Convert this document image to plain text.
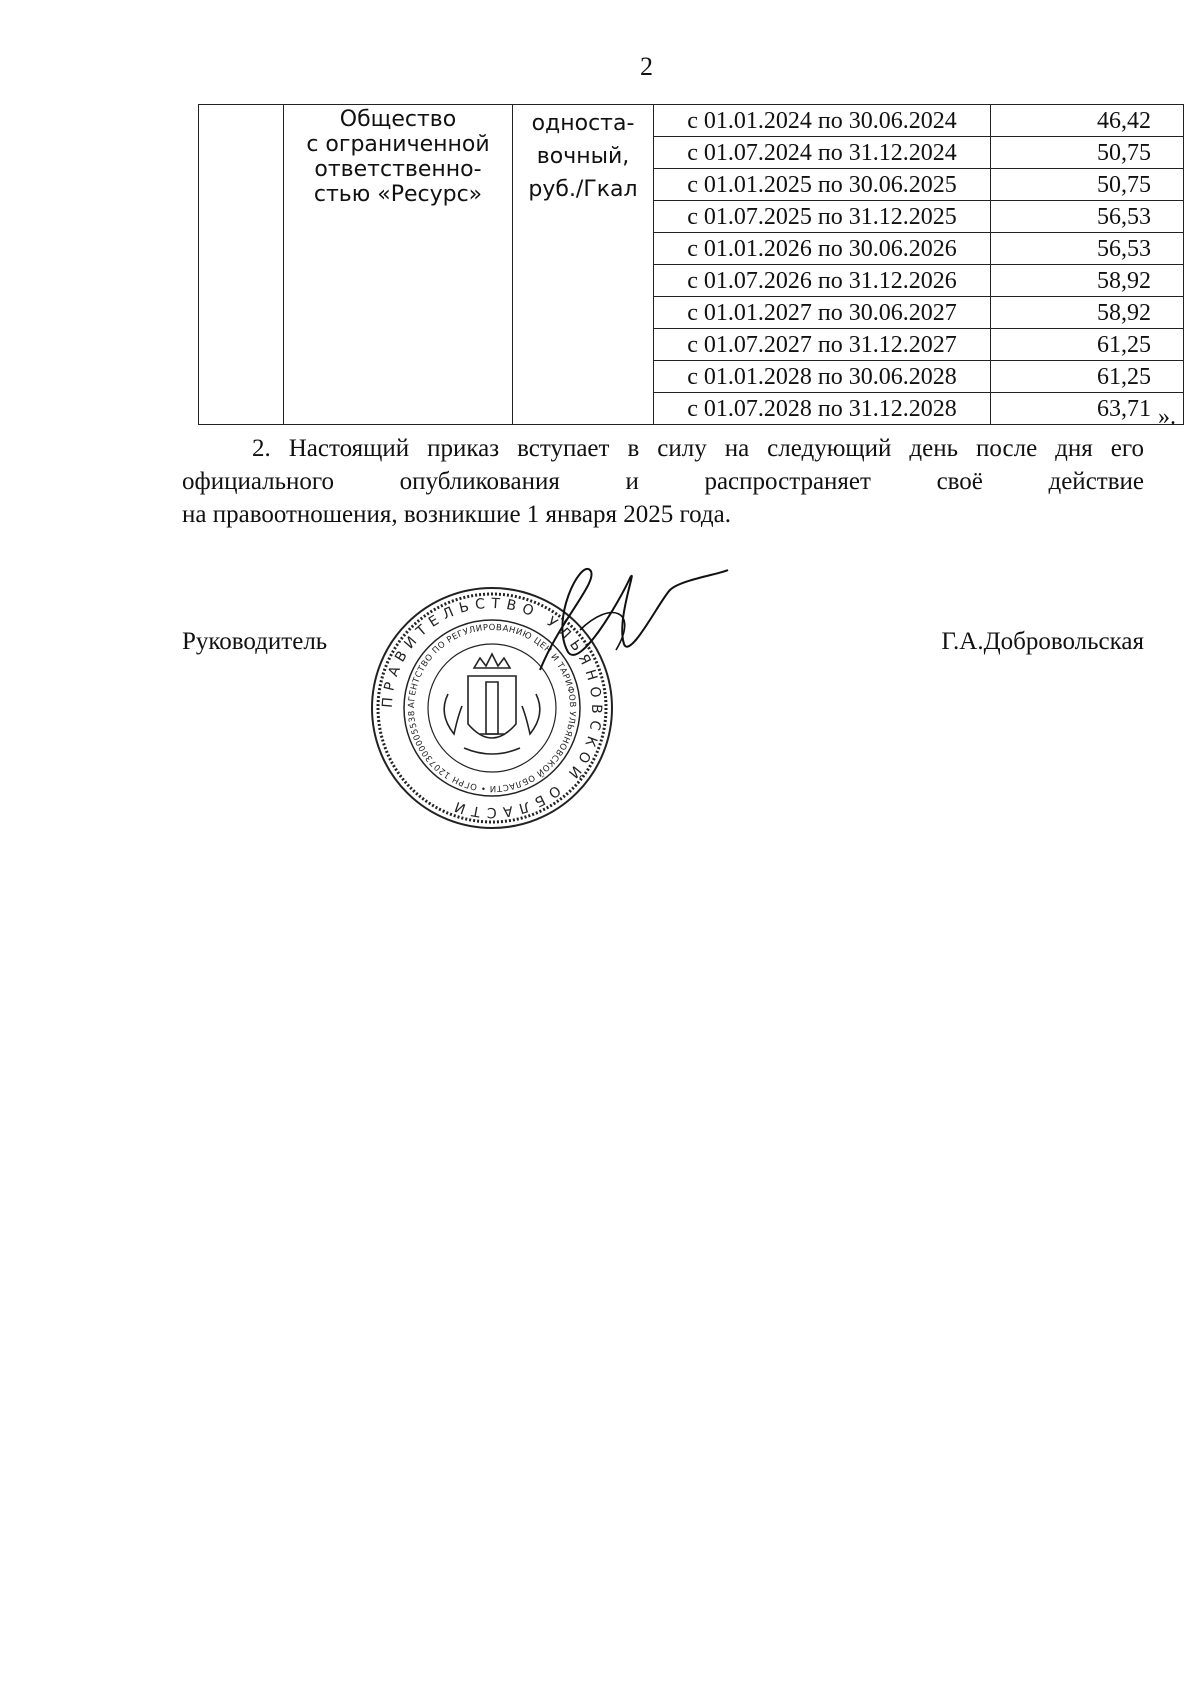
2
	Общество
с ограниченной
ответственно-
стью «Ресурс»	односта-
вочный,
руб./Гкал	с 01.01.2024 по 30.06.2024	46,42
			с 01.07.2024 по 31.12.2024	50,75
			с 01.01.2025 по 30.06.2025	50,75
			с 01.07.2025 по 31.12.2025	56,53
			с 01.01.2026 по 30.06.2026	56,53
			с 01.07.2026 по 31.12.2026	58,92
			с 01.01.2027 по 30.06.2027	58,92
			с 01.07.2027 по 31.12.2027	61,25
			с 01.01.2028 по 30.06.2028	61,25
			с 01.07.2028 по 31.12.2028	63,71 ».
2. Настоящий приказ вступает в силу на следующий день после дня его
официального опубликования и распространяет своё действие
на правоотношения, возникшие 1 января 2025 года.
Руководитель	Г.А.Добровольская
ПРАВИТЕЛЬСТВО УЛЬЯНОВСКОЙ ОБЛАСТИ
АГЕНТСТВО ПО РЕГУЛИРОВАНИЮ ЦЕН И ТАРИФОВ УЛЬЯНОВСКОЙ ОБЛАСТИ • ОГРН 1207300005538
